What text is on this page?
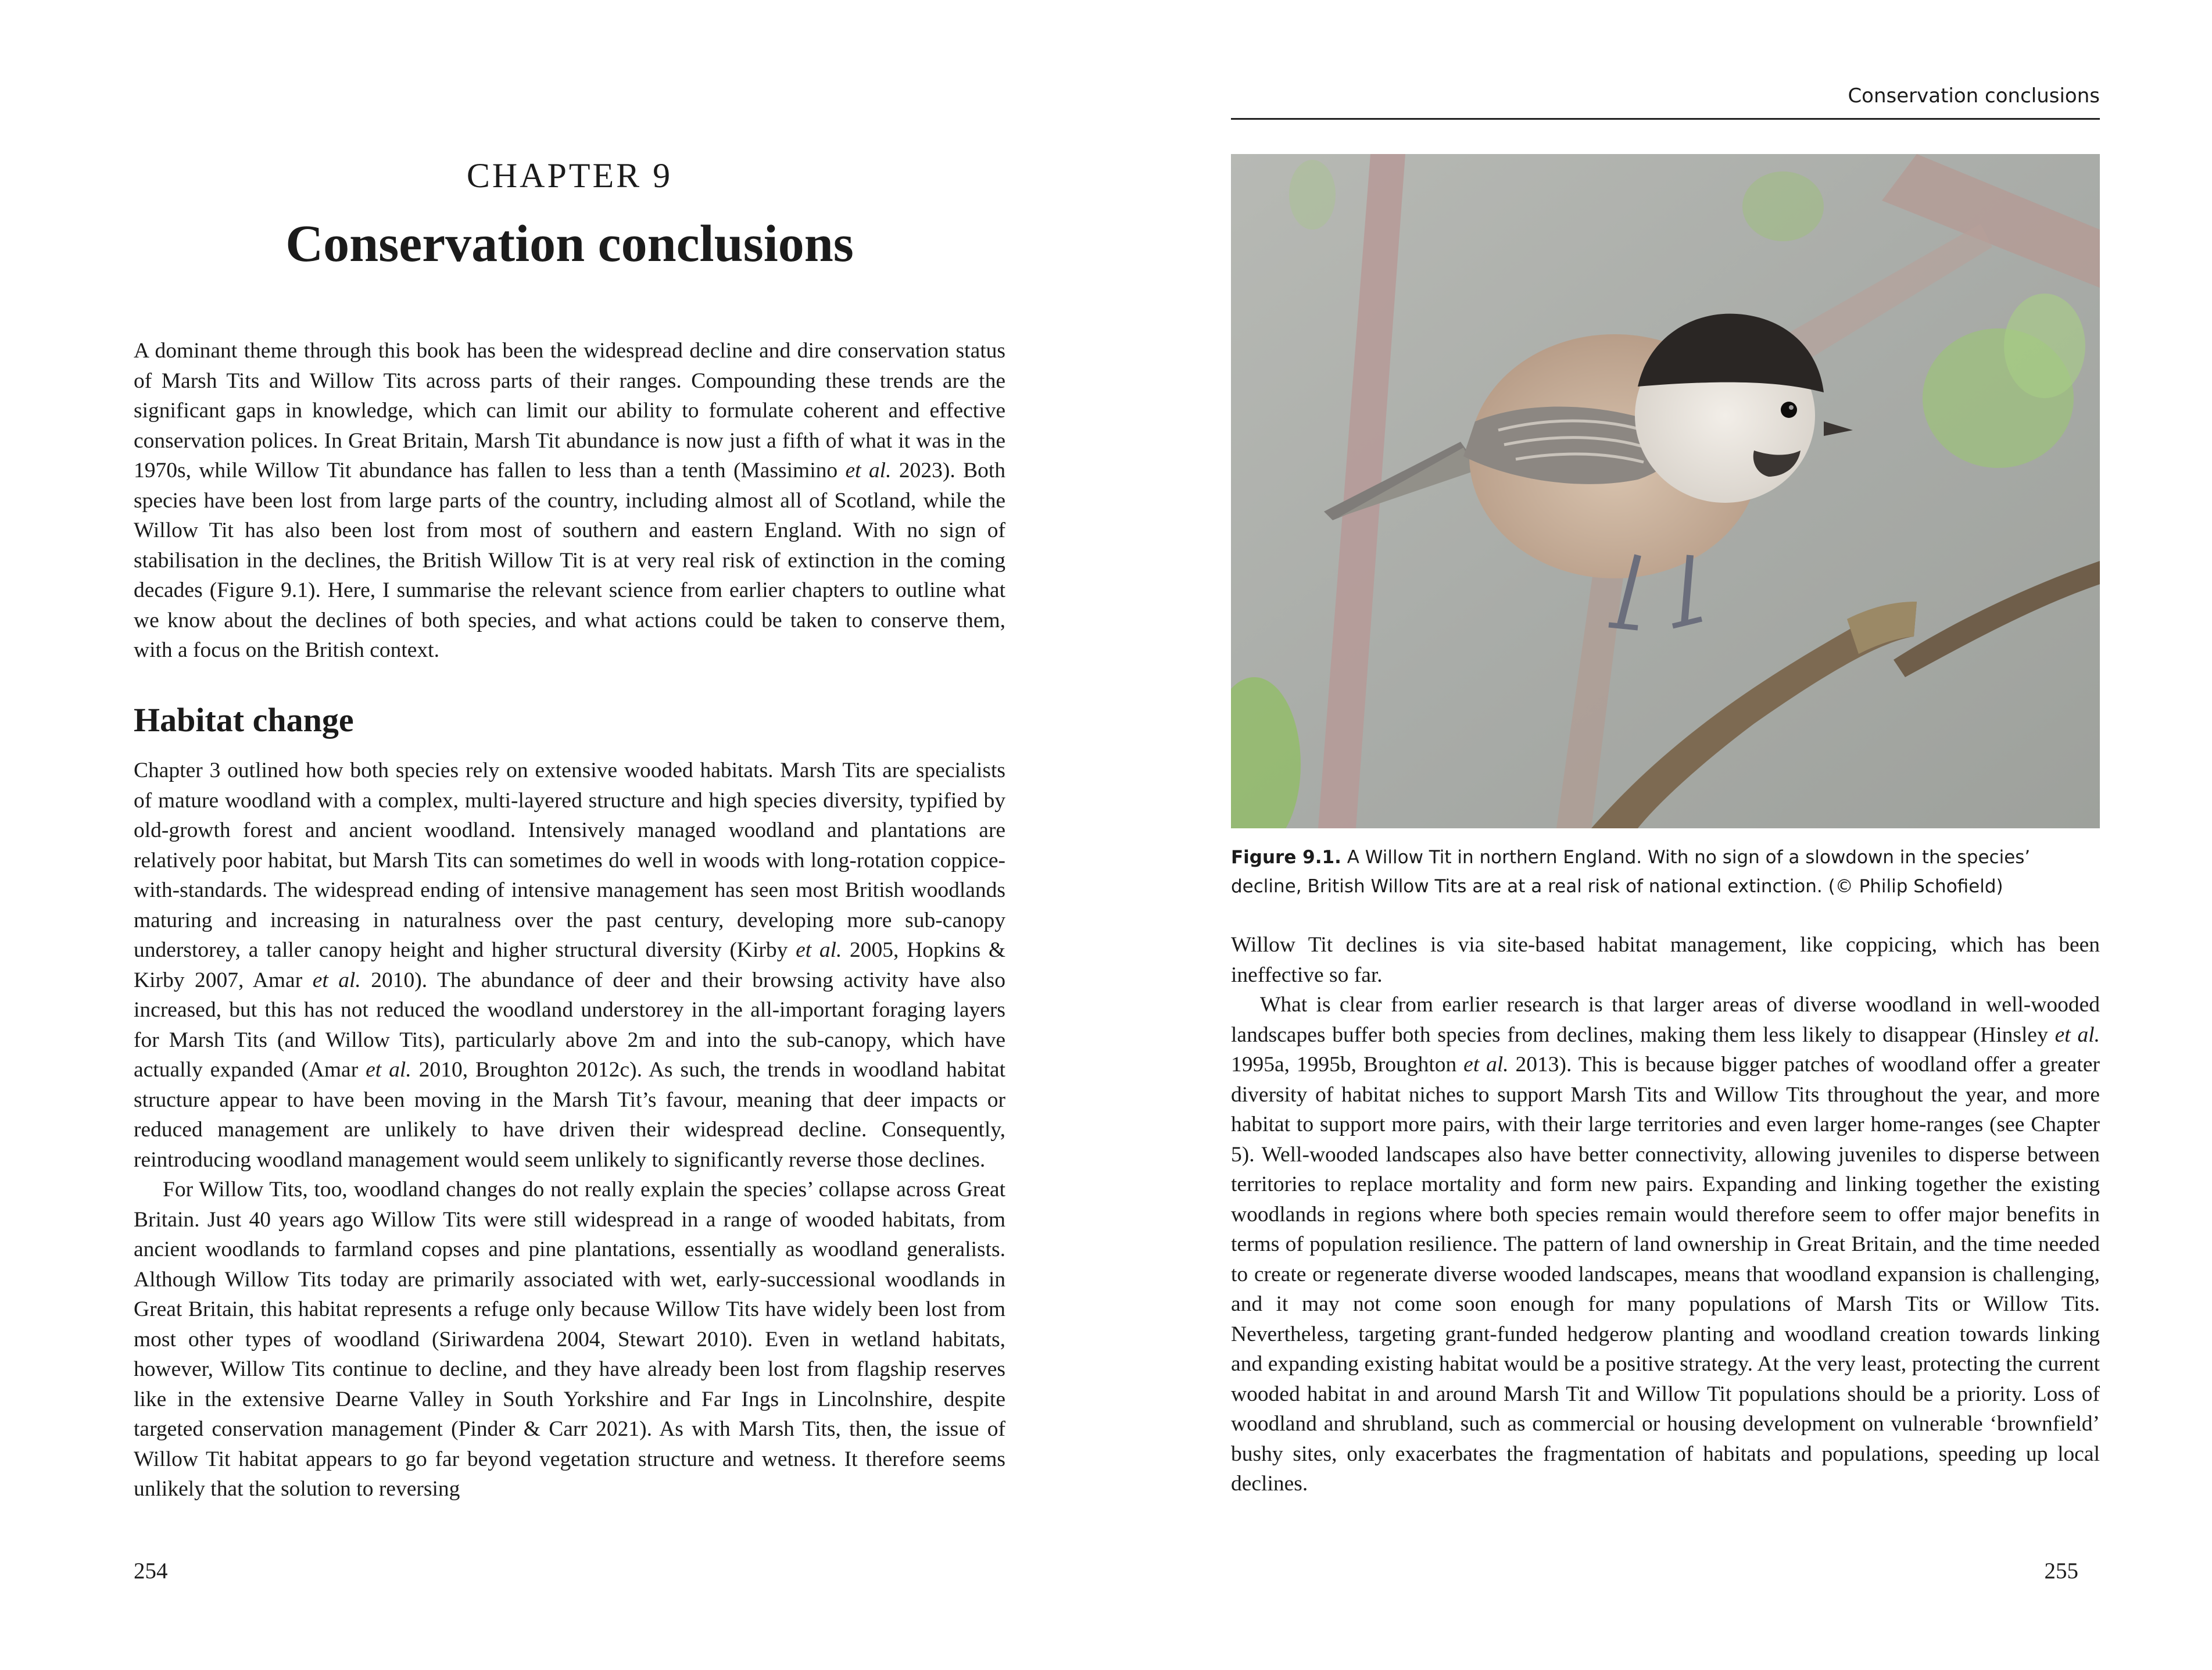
CHAPTER 9
Conservation conclusions

A dominant theme through this book has been the widespread decline and dire conservation status of Marsh Tits and Willow Tits across parts of their ranges. Compounding these trends are the significant gaps in knowledge, which can limit our ability to formulate coherent and effective conservation polices. In Great Britain, Marsh Tit abundance is now just a fifth of what it was in the 1970s, while Willow Tit abundance has fallen to less than a tenth (Massimino et al. 2023). Both species have been lost from large parts of the country, including almost all of Scotland, while the Willow Tit has also been lost from most of southern and eastern England. With no sign of stabilisation in the declines, the British Willow Tit is at very real risk of extinction in the coming decades (Figure 9.1). Here, I summarise the relevant science from earlier chapters to outline what we know about the declines of both species, and what actions could be taken to conserve them, with a focus on the British context.

Habitat change

Chapter 3 outlined how both species rely on extensive wooded habitats. Marsh Tits are specialists of mature woodland with a complex, multi-layered structure and high species diversity, typified by old-growth forest and ancient woodland. Intensively managed woodland and plantations are relatively poor habitat, but Marsh Tits can sometimes do well in woods with long-rotation coppice-with-standards. The widespread ending of intensive management has seen most British woodlands maturing and increasing in naturalness over the past century, developing more sub-canopy understorey, a taller canopy height and higher structural diversity (Kirby et al. 2005, Hopkins & Kirby 2007, Amar et al. 2010). The abundance of deer and their browsing activity have also increased, but this has not reduced the woodland understorey in the all-important foraging layers for Marsh Tits (and Willow Tits), particularly above 2m and into the sub-canopy, which have actually expanded (Amar et al. 2010, Broughton 2012c). As such, the trends in woodland habitat structure appear to have been moving in the Marsh Tit’s favour, meaning that deer impacts or reduced management are unlikely to have driven their widespread decline. Consequently, reintroducing woodland management would seem unlikely to significantly reverse those declines.

For Willow Tits, too, woodland changes do not really explain the species’ collapse across Great Britain. Just 40 years ago Willow Tits were still widespread in a range of wooded habitats, from ancient woodlands to farmland copses and pine plantations, essentially as woodland generalists. Although Willow Tits today are primarily associated with wet, early-successional woodlands in Great Britain, this habitat represents a refuge only because Willow Tits have widely been lost from most other types of woodland (Siriwardena 2004, Stewart 2010). Even in wetland habitats, however, Willow Tits continue to decline, and they have already been lost from flagship reserves like in the extensive Dearne Valley in South Yorkshire and Far Ings in Lincolnshire, despite targeted conservation management (Pinder & Carr 2021). As with Marsh Tits, then, the issue of Willow Tit habitat appears to go far beyond vegetation structure and wetness. It therefore seems unlikely that the solution to reversing

254
Conservation conclusions

Figure 9.1. A Willow Tit in northern England. With no sign of a slowdown in the species’ decline, British Willow Tits are at a real risk of national extinction. (© Philip Schofield)

Willow Tit declines is via site-based habitat management, like coppicing, which has been ineffective so far.

What is clear from earlier research is that larger areas of diverse woodland in well-wooded landscapes buffer both species from declines, making them less likely to disappear (Hinsley et al. 1995a, 1995b, Broughton et al. 2013). This is because bigger patches of woodland offer a greater diversity of habitat niches to support Marsh Tits and Willow Tits throughout the year, and more habitat to support more pairs, with their large territories and even larger home-ranges (see Chapter 5). Well-wooded landscapes also have better connectivity, allowing juveniles to disperse between territories to replace mortality and form new pairs. Expanding and linking together the existing woodlands in regions where both species remain would therefore seem to offer major benefits in terms of population resilience. The pattern of land ownership in Great Britain, and the time needed to create or regenerate diverse wooded landscapes, means that woodland expansion is challenging, and it may not come soon enough for many populations of Marsh Tits or Willow Tits. Nevertheless, targeting grant-funded hedgerow planting and woodland creation towards linking and expanding existing habitat would be a positive strategy. At the very least, protecting the current wooded habitat in and around Marsh Tit and Willow Tit populations should be a priority. Loss of woodland and shrubland, such as commercial or housing development on vulnerable ‘brownfield’ bushy sites, only exacerbates the fragmentation of habitats and populations, speeding up local declines.

255
